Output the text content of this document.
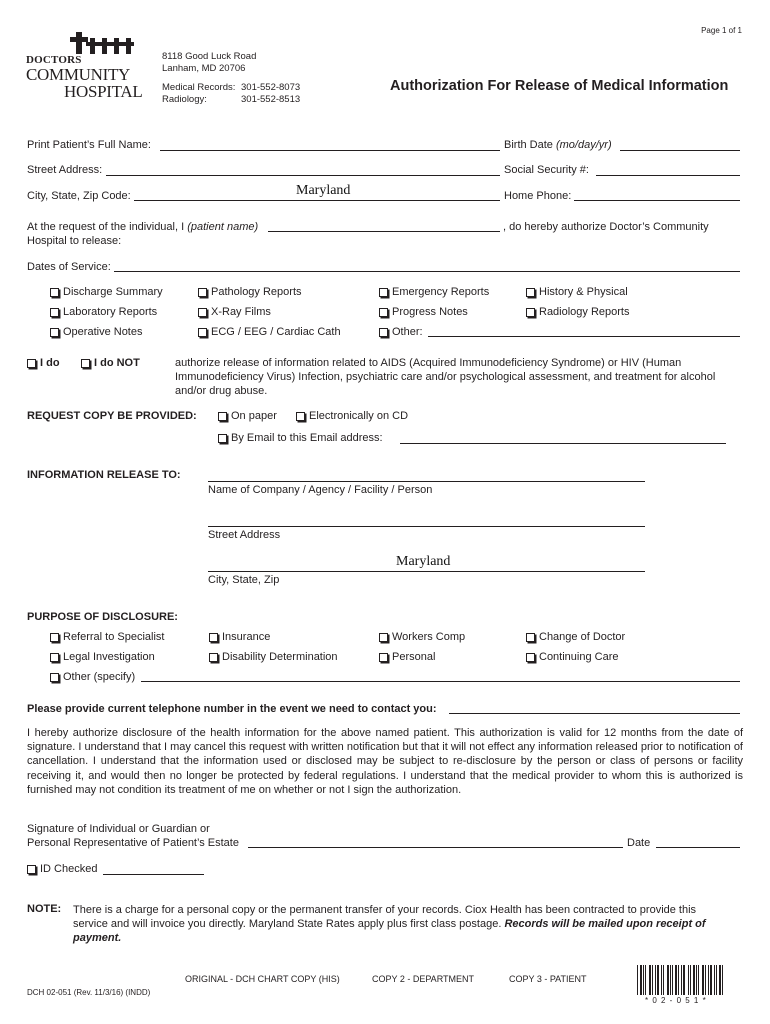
Page 1 of 1
DOCTORS
COMMUNITY
HOSPITAL
8118 Good Luck Road
Lanham, MD 20706
Medical Records: 301-552-8073
Radiology:	301-552-8513
Authorization For Release of Medical Information
Print Patient’s Full Name:	Birth Date (mo/day/yr)
Street Address:	Social Security #:
City, State, Zip Code:	Maryland	Home Phone:
At the request of the individual, I (patient name)	, do hereby authorize Doctor’s Community
Hospital to release:
Dates of Service:
Discharge Summary	Pathology Reports	Emergency Reports	History & Physical
Laboratory Reports	X-Ray Films	Progress Notes	Radiology Reports
Operative Notes	ECG / EEG / Cardiac Cath	Other:
I do	I do NOT	authorize release of information related to AIDS (Acquired Immunodeficiency Syndrome) or HIV (Human
Immunodeficiency Virus) Infection, psychiatric care and/or psychological assessment, and treatment for alcohol
and/or drug abuse.
REQUEST COPY BE PROVIDED:	On paper	Electronically on CD
By Email to this Email address:
INFORMATION RELEASE TO:
Name of Company / Agency / Facility / Person
Street Address
Maryland
City, State, Zip
PURPOSE OF DISCLOSURE:
Referral to Specialist	Insurance	Workers Comp	Change of Doctor
Legal Investigation	Disability Determination	Personal	Continuing Care
Other (specify)
Please provide current telephone number in the event we need to contact you:
I hereby authorize disclosure of the health information for the above named patient. This authorization is valid for 12 months from the date of signature. I understand that I may cancel this request with written notification but that it will not effect any information released prior to notification of cancellation. I understand that the information used or disclosed may be subject to re-disclosure by the person or class of persons or facility receiving it, and would then no longer be protected by federal regulations. I understand that the medical provider to whom this is authorized is furnished may not condition its treatment of me on whether or not I sign the authorization.
Signature of Individual or Guardian or
Personal Representative of Patient’s Estate	Date
ID Checked
NOTE: There is a charge for a personal copy or the permanent transfer of your records. Ciox Health has been contracted to provide this service and will invoice you directly. Maryland State Rates apply plus first class postage. Records will be mailed upon receipt of payment.
ORIGINAL - DCH CHART COPY (HIS)	COPY 2 - DEPARTMENT	COPY 3 - PATIENT
DCH 02-051 (Rev. 11/3/16) (INDD)
* 0 2 - 0 5 1 *
